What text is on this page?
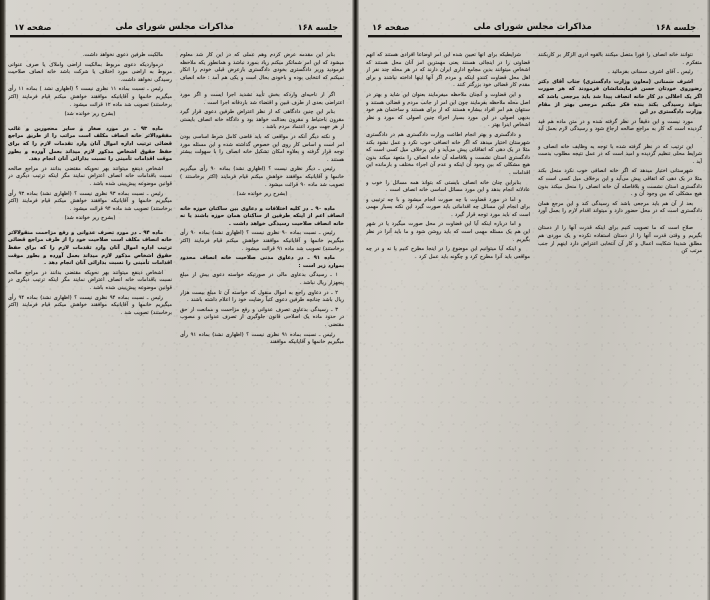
جلسه ۱۶۸
مذاکرات مجلس شورای ملی
صفحه ۱۷

مالکیت طرفین دعوی نخواهد داشت.

درمواردیکه دعوی مربوط بمالکیت اراضی واملاک یا صرف عنوانی مربوط به اراضی مورد اختلاف یا شرکت باشد خانه انصاف صلاحیت رسیدگی نخواهد داشت.

رئیس ـ نسبت بماده ۱۱ نظری نیست ؟ (اظهاری نشد ) بماده ۱۱ رأی میگیریم خانمها و آقایانیکه موافقند خواهش میکنم قیام فرمایند (اکثر برخاستند) تصویب شد ماده ۱۲ قرائت میشود .

(بشرح زیر خوانده شد)

ماده ۹۳ ـ در مورد صغار و سایر محجورین و غائب مفقودالاثر خانه انصاف مکلف است مراتب را از طریق مراجع قضائی ترتیب اداره اموال آنان وارد تقدمات لازم را که برای حفظ حقوق اشخاص مذکور لازم میداند بعمل آورده و بطور موقت اقدامات تأمینی را نسبت بدارائی آنان انجام دهد.

اشخاص ذینفع میتوانند بهر نحویکه مقتضی بدانند در مراجع صالحه نسبت باقدامات خانه انصاف اعتراض نمایند مگر اینکه ترتیب دیگری در قوانین موضوعه پیش‌بینی شده باشد .

رئیس ـ نسبت بماده ۹۳ نظری نیست ؟ (اظهاری نشد) بماده ۹۳ رأی میگیریم خانمها و آقایانیکه موافقند خواهش میکنم قیام فرمایند (اکثر برخاستند) تصویب شد ماده ۹۴ قرائت میشود .

(بشرح زیر خوانده شد)

ماده ۹۴ ـ در مورد تصرف عدوانی و رفع مزاحمت منقولالاثر خانه انصاف مکلف است صلاحیت خود را از طرف مراجع قضائی ترتیب اداره اموال آنان وارد تقدمات لازم را که برای حفظ حقوق اشخاص مذکور لازم میداند بعمل آورده و بطور موقت اقدامات تأمینی را نسبت بدارائی آنان انجام دهد .

اشخاص ذینفع میتوانند بهر نحویکه مقتضی بدانند در مراجع صالحه نسبت باقدامات خانه انصاف اعتراض نمایند مگر اینکه ترتیب دیگری در قوانین موضوعه پیش‌بینی شده باشد .

رئیس ـ نسبت بماده ۹۴ نظری نیست ؟ (اظهاری نشد) بماده ۹۴ رأی میگیریم خانمها و آقایانیکه موافقند خواهش میکنم قیام فرمایند (اکثر برخاستند) تصویب شد .

بنابر این مقدمه عرض کردم وهم عملی که در این کار شد معلوم میشود که این امر شماتکر میکنم زیاد بمورد نباشد و همانطور یکه ملاحظه فرمودید وزیر دادگستری بخودی دادگستری بازعرض قبلی خودم را انکار نمیکنم که انتخابی بوده و باخودی بحال است و یکی هم آمد : خانه انصاف .

اگر از ناحیه‌ای واردکه بخش تأیید تشدید اجرا ایست و اگر مورد اعتراضی بعدی از طرف قبین و اقتضاء شد بازدقانه اجرا است .

بنابر این چنین دادگاهی که از نظر اعتراض طرفین دعوی قرار گیرد مقرون باحتیاط و مقرون بعدالت خواهد بود و دادگاه خانه انصاف بایستی از هر جهت مورد اعتماد مردم باشد .

و نکته دیگر آنکه در مواقعی که باید قاضی کامل شرط اساسی بودن امر است و اساس کار روی این خصوص گذاشته شده و این مسئله مورد توجه قرار گرفته و بعلاوه امکان تشکیل خانه انصاف را با سهولت بیشتر هستند .

رئیس ـ دیگر نظری نیست ؟ (اظهاری نشد) بماده ۹۰ رأی میگیریم خانمها و آقایانیکه موافقند خواهش میکنم قیام فرمایند (اکثر برخاستند ) تصویب شد ماده ۹۰ قرائت میشود .

(بشرح زیر خوانده شد)

ماده ۹۰ ـ در کلیه اختلافات و دعاوی بین ساکنان حوزه خانه انصاف اعم از اینکه طرفین از ساکنان همان حوزه باشند یا نه خانه انصاف صلاحیت رسیدگی خواهد داشت .

رئیس ـ نسبت بماده ۹۰ نظری نیست ؟ (اظهاری نشد) بماده ۹۰ رأی میگیریم خانمها و آقایانیکه موافقند خواهش میکنم قیام فرمایند (اکثر برخاستند) تصویب شد ماده ۹۱ قرائت میشود .

ماده ۹۱ ـ در دعاوی مدنی صلاحیت خانه انصاف محدود بموارد زیر است :

۱ ـ رسیدگی بدعاوی مالی در صورتیکه خواسته دعوی بیش از مبلغ پنجهزار ریال نباشد .

۲ ـ در دعاوی راجع به اموال منقول که خواسته آن تا مبلغ بیست هزار ریال باشد چنانچه طرفین دعوی کتباً رضایت خود را اعلام داشته باشند .

۳ ـ رسیدگی بدعاوی تصرف عدوانی و رفع مزاحمت و ممانعت از حق در حدود ماده یک اصلاحی قانون جلوگیری از تصرف عدوانی و مصوب مقتضی .

رئیس ـ نسبت بماده ۹۱ نظری نیست ؟ (اظهاری نشد) بماده ۹۱ رأی میگیریم خانمها و آقایانیکه موافقند

جلسه ۱۶۸
مذاکرات مجلس شورای ملی
صفحه ۱۶

شرایطیکه برای آنها تعیین شده این امر اوضاعاً افرادی هستند که آنهم قضاوتی را در اینجائی هستند یعنی مهمترین امر آنان محل هستند که اشخاص میتوانند بدین مجامع اداری ایران دارند که در هر محله چند نفر از اهل محل قضاوت کنندو اینکه و مردم اگر آنها اینها اداخته نباشند و برای مقدم کار قضائی خود بزرگتر کنند .

و این قضاوت و آنچنان ملاحظه میفرمایند بعنوان این شاید و بهتر در اصل محله ملاحظه بفرمایند چون این امر از جانب مردم و قضائی هستند و سنتهان هم امر افراد بیشاره هستند که از برای هستند و ساختمان هم خود بدیهی اصولی در این مورد بسیار اجراء چنین اصولی که مورد و نظر اشخاص اینرا بهتر .

و دادگستری و بهتر انجام اطاعت وزارت دادگستری هم در دادگستری شهرستان اختیار میدهد که اگر خانه انصافی خوب نکرد و عمل نشود بکند مثلا در یک دهی که اتفاقاتی پیش می‌آید و این برخلاف میل کسی است که دادگستری استان نشست و بلافاصله آن خانه انصاف را متعهد میکند بدون هیچ مشکلی که بین وجود آن اینکه و عدم آن اجراء مختلف و بازمانده این اقدامات .

بنابراین چنان خانه انصاف بایستی که بتواند همه مسائل را خوب و عادلانه انجام بدهد و این مورد مسائل اساسی خانه انصاف است .

و اما در مورد قضاوت با چه صورت انجام میشود و با چه ترتیبی و برای انجام این مسائل چه اقداماتی باید صورت گیرد این نکته بسیار مهمی است که باید مورد توجه قرار گیرد .

و اما درباره اینکه آیا این قضاوت در محل صورت میگیرد یا در شهر این هم یک مسئله مهمی است که باید روشن شود و ما باید آنرا در نظر بگیریم .

و اینکه آیا میتوانیم این موضوع را در اینجا مطرح کنیم یا نه و در چه مواقعی باید آنرا مطرح کرد و چگونه باید عمل کرد .

نتوانند خانه انصاف را فوراً متصل میکنند بالقوه ادری الزگار بر کاربکنند متفکرم .

رئیس ـ آقای اشرف سمنانی بفرمائید .

اشرف سمنانی (معاون وزارت دادگستری) جناب آقای دکتر رضوروی خودتان حسن فرمایشاتشان فرمودند که هر صورت اگر یک اخلالی در کار خانه انصاف پیدا شد باید مرجعی باشد که بتواند رسیدگی بکند بنده فکر میکنم مرجعی بهتر از مقام وزارت دادگستری در این

مورد نیست و این دقیقاً در نظر گرفته شده و در متن ماده هم قید گردیده است که کار به مراجع صالحه ارجاع شود و رسیدگی لازم بعمل آید .

این ترتیب که در نظر گرفته شده با توجه به وظایف خانه انصاف و شرایط محلی تنظیم گردیده و امید است که در عمل نتیجه مطلوب بدست آید .

شهرستانی اختیار میدهد که اگر خانه انصافی خوب نکرد منحل بکند مثلا در یک دهی که اتفاقی پیش می‌آید و این برخلاف میل کسی است که دادگستری استان نشست و بلافاصله آن خانه انصاف را منحل میکند بدون هیچ مشکلی که بین وجود آن و .

بعد از آن هم باید مرجعی باشد که رسیدگی کند و این مرجع همان دادگستری است که در محل حضور دارد و میتواند اقدام لازم را بعمل آورد .

صلاح است که ما تصویب کنیم برای اینکه قدرت آنها را از دستان بگیریم و وقتی قدرت آنها را از دستان استفاده نکرده و یک موردی هم مطلق شدیدا شکایت اعمال و کار آن آنتخابی اعتراض دارد اینهم از جنب مرتب کن
